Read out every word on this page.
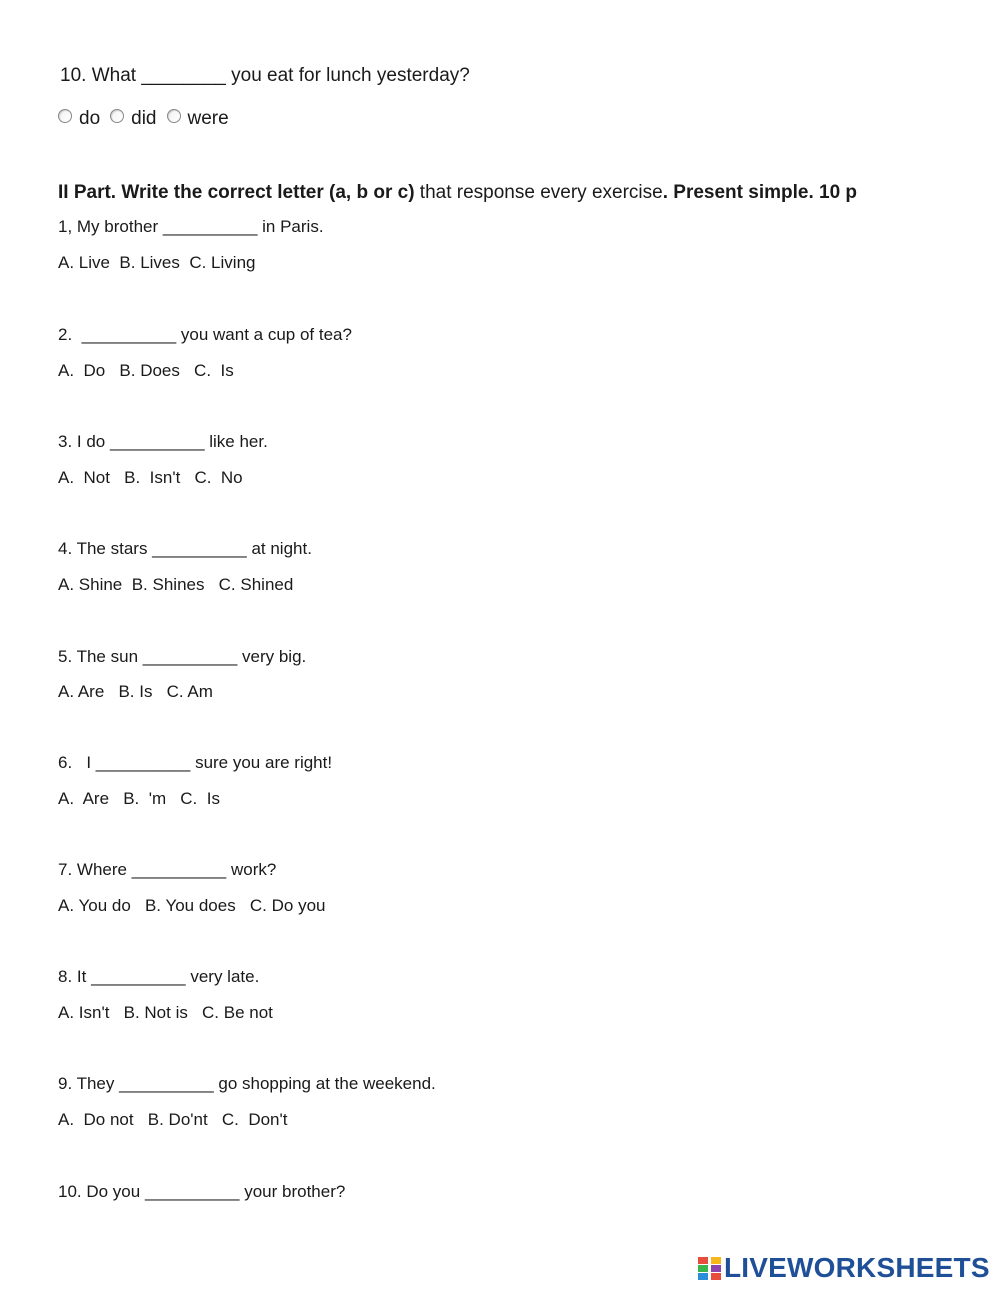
10. What ________ you eat for lunch yesterday?
do did were
II Part. Write the correct letter (a, b or c) that response every exercise. Present simple. 10 p
1, My brother __________ in Paris.
A. Live  B. Lives  C. Living
2.  __________ you want a cup of tea?
A.  Do   B. Does   C.  Is
3. I do __________ like her.
A.  Not   B.  Isn't   C.  No
4. The stars __________ at night.
A. Shine  B. Shines   C. Shined
5. The sun __________ very big.
A. Are   B. Is   C. Am
6.   I __________ sure you are right!
A.  Are   B.  'm   C.  Is
7. Where __________ work?
A. You do   B. You does   C. Do you
8. It __________ very late.
A. Isn't   B. Not is   C. Be not
9. They __________ go shopping at the weekend.
A.  Do not   B. Do'nt   C.  Don't
10. Do you __________ your brother?
LIVEWORKSHEETS
